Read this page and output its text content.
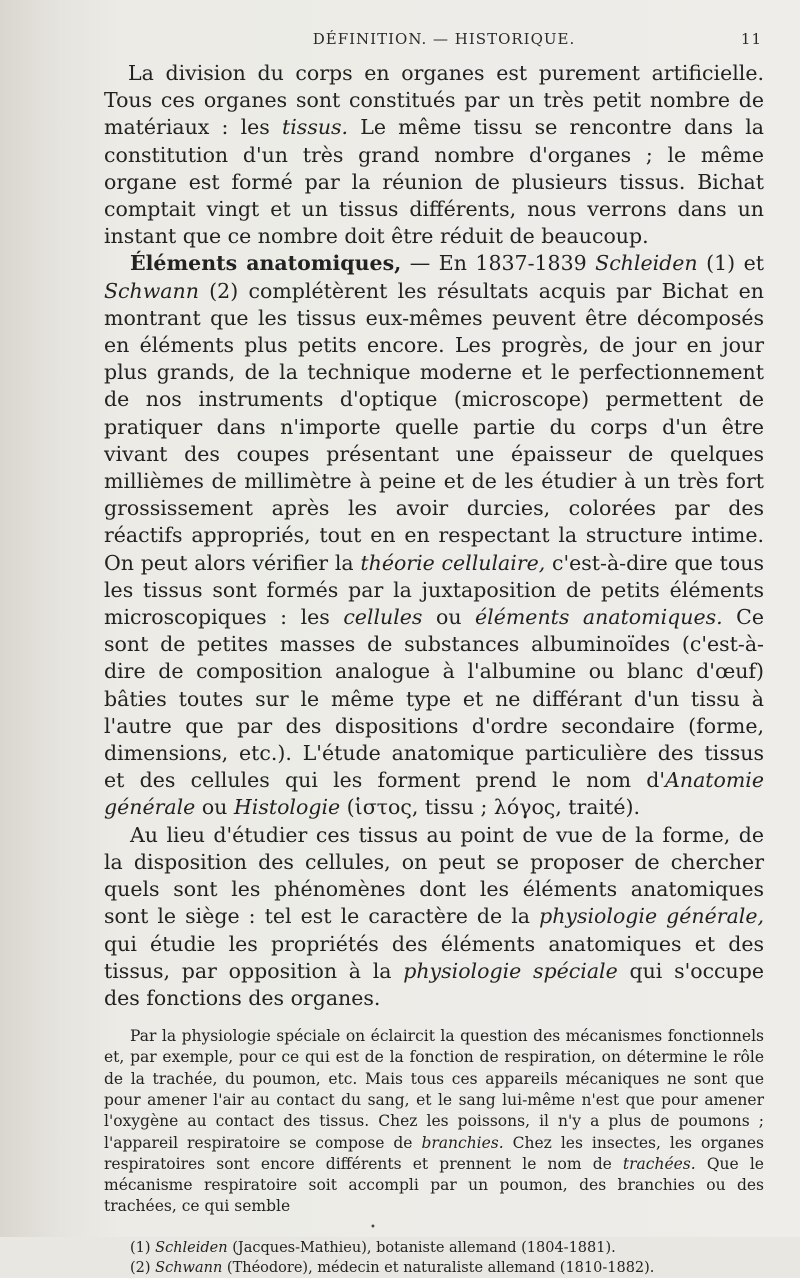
DÉFINITION. — HISTORIQUE.	11

La division du corps en organes est purement artificielle. Tous ces organes sont constitués par un très petit nombre de matériaux : les tissus. Le même tissu se rencontre dans la constitution d'un très grand nombre d'organes ; le même organe est formé par la réunion de plusieurs tissus. Bichat comptait vingt et un tissus différents, nous verrons dans un instant que ce nombre doit être réduit de beaucoup.

Éléments anatomiques, — En 1837-1839 Schleiden (1) et Schwann (2) complétèrent les résultats acquis par Bichat en montrant que les tissus eux-mêmes peuvent être décomposés en éléments plus petits encore. Les progrès, de jour en jour plus grands, de la technique moderne et le perfectionnement de nos instruments d'optique (microscope) permettent de pratiquer dans n'importe quelle partie du corps d'un être vivant des coupes présentant une épaisseur de quelques millièmes de millimètre à peine et de les étudier à un très fort grossissement après les avoir durcies, colorées par des réactifs appropriés, tout en en respectant la structure intime. On peut alors vérifier la théorie cellulaire, c'est-à-dire que tous les tissus sont formés par la juxtaposition de petits éléments microscopiques : les cellules ou éléments anatomiques. Ce sont de petites masses de substances albuminoïdes (c'est-à-dire de composition analogue à l'albumine ou blanc d'œuf) bâties toutes sur le même type et ne différant d'un tissu à l'autre que par des dispositions d'ordre secondaire (forme, dimensions, etc.). L'étude anatomique particulière des tissus et des cellules qui les forment prend le nom d'Anatomie générale ou Histologie (ἱστος, tissu ; λόγος, traité).

Au lieu d'étudier ces tissus au point de vue de la forme, de la disposition des cellules, on peut se proposer de chercher quels sont les phénomènes dont les éléments anatomiques sont le siège : tel est le caractère de la physiologie générale, qui étudie les propriétés des éléments anatomiques et des tissus, par opposition à la physiologie spéciale qui s'occupe des fonctions des organes.

Par la physiologie spéciale on éclaircit la question des mécanismes fonctionnels et, par exemple, pour ce qui est de la fonction de respiration, on détermine le rôle de la trachée, du poumon, etc. Mais tous ces appareils mécaniques ne sont que pour amener l'air au contact du sang, et le sang lui-même n'est que pour amener l'oxygène au contact des tissus. Chez les poissons, il n'y a plus de poumons ; l'appareil respiratoire se compose de branchies. Chez les insectes, les organes respiratoires sont encore différents et prennent le nom de trachées. Que le mécanisme respiratoire soit accompli par un poumon, des branchies ou des trachées, ce qui semble

(1) Schleiden (Jacques-Mathieu), botaniste allemand (1804-1881).
(2) Schwann (Théodore), médecin et naturaliste allemand (1810-1882).
•
